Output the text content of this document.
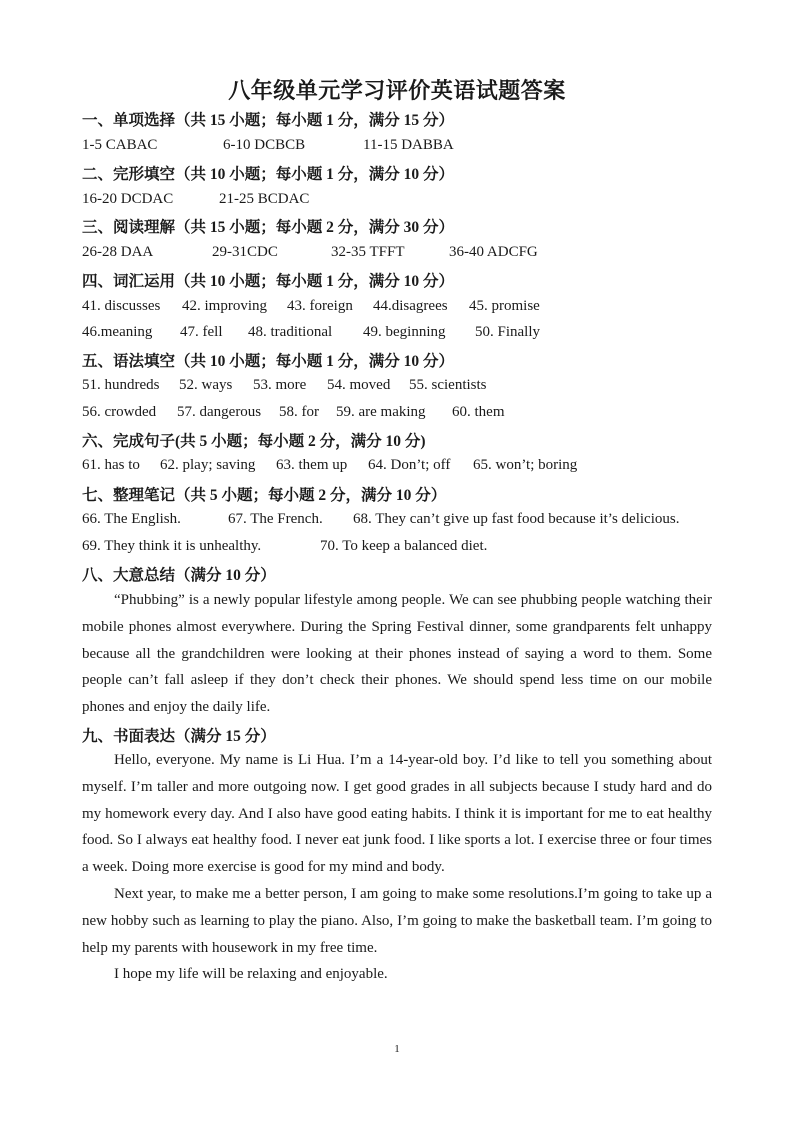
八年级单元学习评价英语试题答案
一、单项选择（共 15 小题；每小题 1 分，满分 15 分）
1-5 CABAC	6-10 DCBCB	11-15 DABBA
二、完形填空（共 10 小题；每小题 1 分，满分 10 分）
16-20 DCDAC	21-25 BCDAC
三、阅读理解（共 15 小题；每小题 2 分，满分 30 分）
26-28 DAA	29-31CDC	32-35 TFFT	36-40 ADCFG
四、词汇运用（共 10 小题；每小题 1 分，满分 10 分）
41. discusses 42. improving 43. foreign 44.disagrees 45. promise
46.meaning 47. fell 48. traditional 49. beginning 50. Finally
五、语法填空（共 10 小题；每小题 1 分，满分 10 分）
51. hundreds 52. ways 53. more 54. moved 55. scientists
56. crowded 57. dangerous 58. for 59. are making 60. them
六、完成句子(共 5 小题；每小题 2 分，满分 10 分)
61. has to 62. play; saving 63. them up 64. Don’t; off 65. won’t; boring
七、整理笔记（共 5 小题；每小题 2 分，满分 10 分）
66. The English.	67. The French. 68. They can’t give up fast food because it’s delicious.
69. They think it is unhealthy.	70. To keep a balanced diet.
八、大意总结（满分 10 分）
“Phubbing” is a newly popular lifestyle among people. We can see phubbing people watching their mobile phones almost everywhere. During the Spring Festival dinner, some grandparents felt unhappy because all the grandchildren were looking at their phones instead of saying a word to them. Some people can’t fall asleep if they don’t check their phones. We should spend less time on our mobile phones and enjoy the daily life.
九、书面表达（满分 15 分）
Hello, everyone. My name is Li Hua. I’m a 14-year-old boy. I’d like to tell you something about myself. I’m taller and more outgoing now. I get good grades in all subjects because I study hard and do my homework every day. And I also have good eating habits. I think it is important for me to eat healthy food. So I always eat healthy food. I never eat junk food. I like sports a lot. I exercise three or four times a week. Doing more exercise is good for my mind and body.
Next year, to make me a better person, I am going to make some resolutions.I’m going to take up a new hobby such as learning to play the piano. Also, I’m going to make the basketball team. I’m going to help my parents with housework in my free time.
I hope my life will be relaxing and enjoyable.
1
